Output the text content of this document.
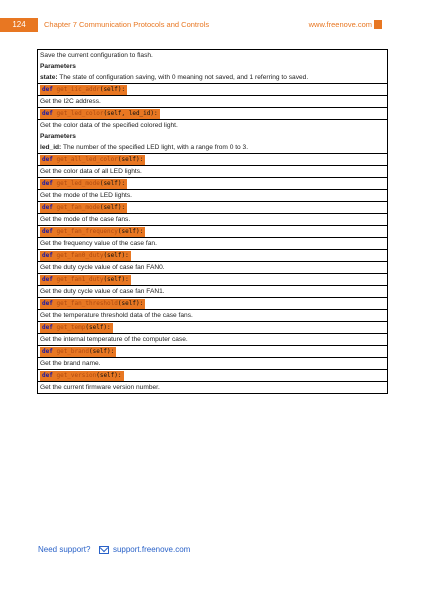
124	Chapter 7 Communication Protocols and Controls	www.freenove.com
Save the current configuration to flash.
Parameters
state: The state of configuration saving, with 0 meaning not saved, and 1 referring to saved.
def get_iic_addr(self):
Get the I2C address.
def get_led_color(self, led_id):
Get the color data of the specified colored light.
Parameters
led_id: The number of the specified LED light, with a range from 0 to 3.
def get_all_led_color(self):
Get the color data of all LED lights.
def get_led_mode(self):
Get the mode of the LED lights.
def get_fan_mode(self):
Get the mode of the case fans.
def get_fan_frequency(self):
Get the frequency value of the case fan.
def get_fan0_duty(self):
Get the duty cycle value of case fan FAN0.
def get_fan1_duty(self):
Get the duty cycle value of case fan FAN1.
def get_fan_threshold(self):
Get the temperature threshold data of the case fans.
def get_temp(self):
Get the internal temperature of the computer case.
def get_brand(self):
Get the brand name.
def get_version(self):
Get the current firmware version number.
Need support?	support.freenove.com
